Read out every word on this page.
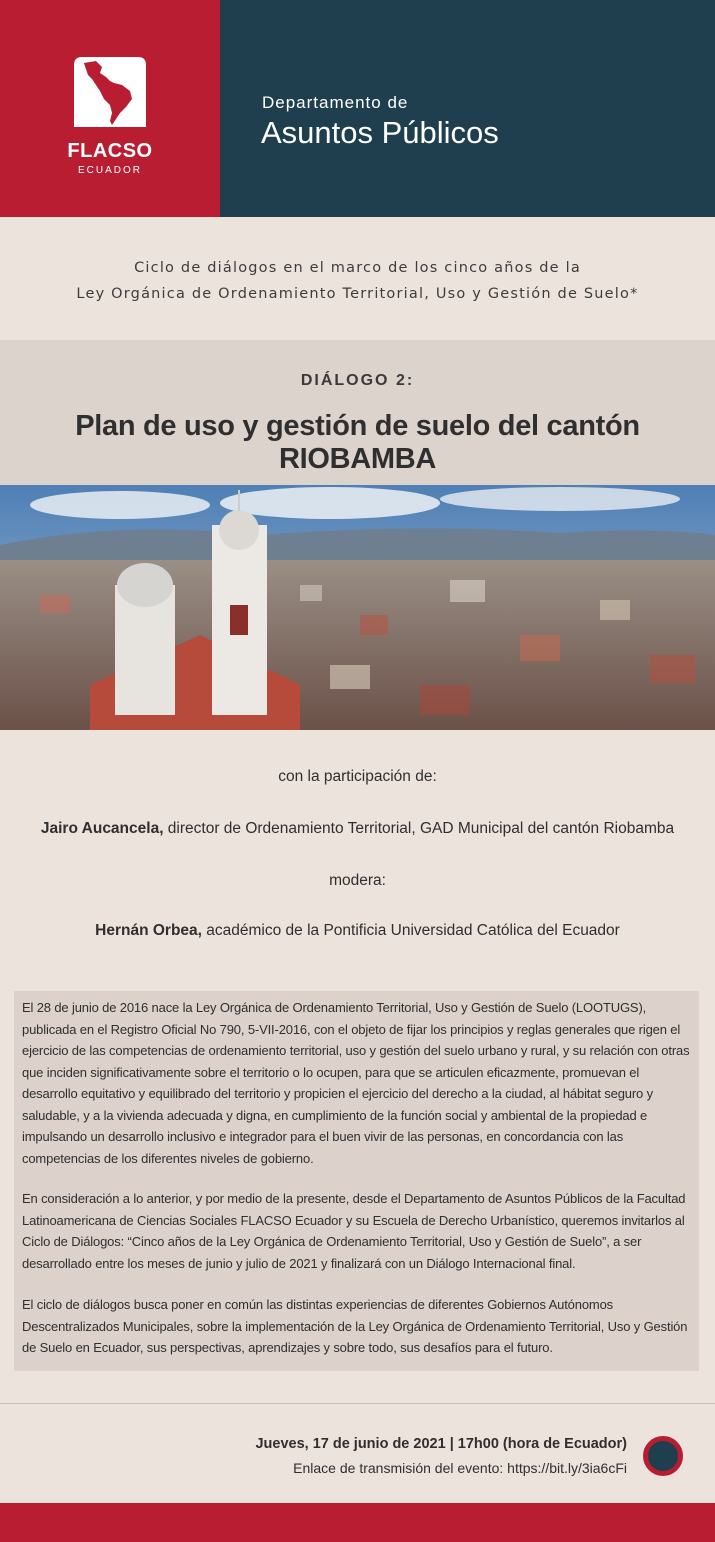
FLACSO
ECUADOR
Departamento de
Asuntos Públicos
Ciclo de diálogos en el marco de los cinco años de la
Ley Orgánica de Ordenamiento Territorial, Uso y Gestión de Suelo*
DIÁLOGO 2:
Plan de uso y gestión de suelo del cantón RIOBAMBA
con la participación de:
Jairo Aucancela, director de Ordenamiento Territorial, GAD Municipal del cantón Riobamba
modera:
Hernán Orbea, académico de la Pontificia Universidad Católica del Ecuador
El 28 de junio de 2016 nace la Ley Orgánica de Ordenamiento Territorial, Uso y Gestión de Suelo (LOOTUGS), publicada en el Registro Oficial No 790, 5-VII-2016, con el objeto de fijar los principios y reglas generales que rigen el ejercicio de las competencias de ordenamiento territorial, uso y gestión del suelo urbano y rural, y su relación con otras que inciden significativamente sobre el territorio o lo ocupen, para que se articulen eficazmente, promuevan el desarrollo equitativo y equilibrado del territorio y propicien el ejercicio del derecho a la ciudad, al hábitat seguro y saludable, y a la vivienda adecuada y digna, en cumplimiento de la función social y ambiental de la propiedad e impulsando un desarrollo inclusivo e integrador para el buen vivir de las personas, en concordancia con las competencias de los diferentes niveles de gobierno.
En consideración a lo anterior, y por medio de la presente, desde el Departamento de Asuntos Públicos de la Facultad Latinoamericana de Ciencias Sociales FLACSO Ecuador y su Escuela de Derecho Urbanístico, queremos invitarlos al Ciclo de Diálogos: “Cinco años de la Ley Orgánica de Ordenamiento Territorial, Uso y Gestión de Suelo”, a ser desarrollado entre los meses de junio y julio de 2021 y finalizará con un Diálogo Internacional final.
El ciclo de diálogos busca poner en común las distintas experiencias de diferentes Gobiernos Autónomos Descentralizados Municipales, sobre la implementación de la Ley Orgánica de Ordenamiento Territorial, Uso y Gestión de Suelo en Ecuador, sus perspectivas, aprendizajes y sobre todo, sus desafíos para el futuro.
Jueves, 17 de junio de 2021 | 17h00 (hora de Ecuador)
Enlace de transmisión del evento: https://bit.ly/3ia6cFi
